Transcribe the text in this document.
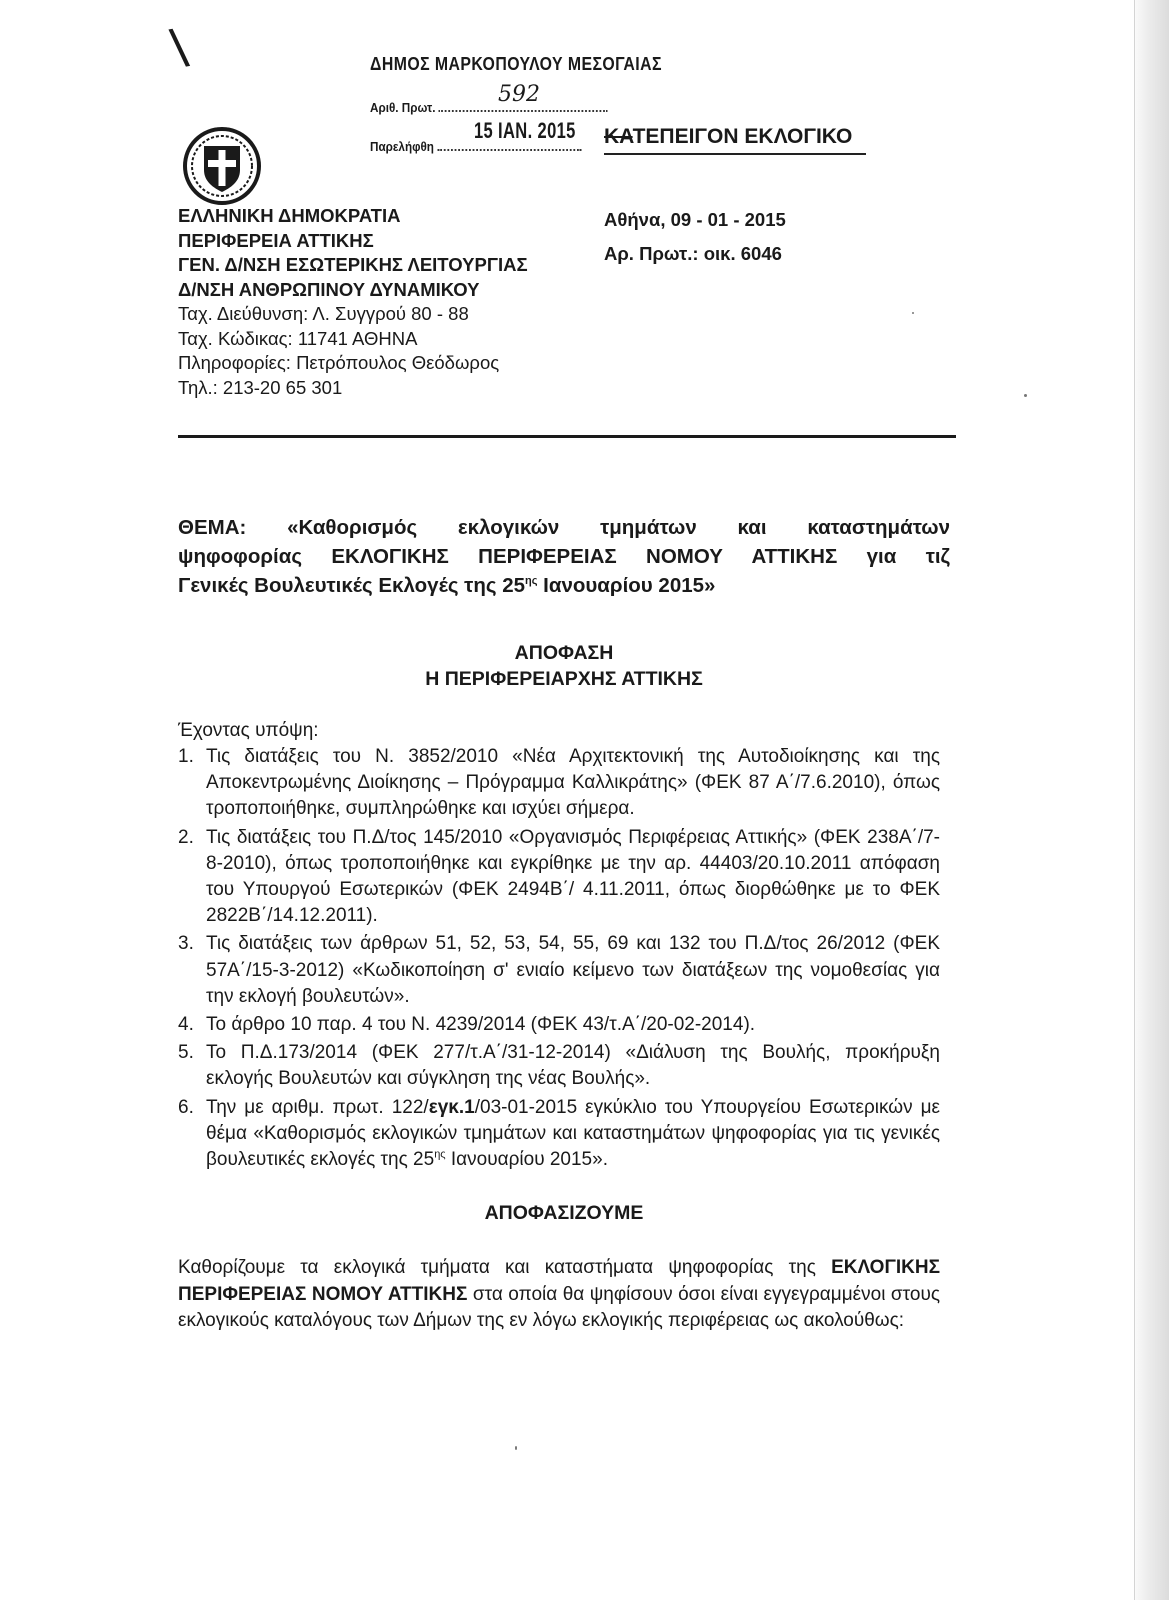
\	ΔΗΜΟΣ ΜΑΡΚΟΠΟΥΛΟΥ ΜΕΣΟΓΑΙΑΣ
Αριθ. Πρωτ.
592
Παρελήφθη
15 ΙΑΝ. 2015 ΚΑΤΕΠΕΙΓΟΝ ΕΚΛΟΓΙΚΟ
ΕΛΛΗΝΙΚΗ ΔΗΜΟΚΡΑΤΙΑ
ΠΕΡΙΦΕΡΕΙΑ ΑΤΤΙΚΗΣ
ΓΕΝ. Δ/ΝΣΗ ΕΣΩΤΕΡΙΚΗΣ ΛΕΙΤΟΥΡΓΙΑΣ
Δ/ΝΣΗ ΑΝΘΡΩΠΙΝΟΥ ΔΥΝΑΜΙΚΟΥ
Ταχ. Διεύθυνση: Λ. Συγγρού 80 - 88
Ταχ. Κώδικας: 11741 ΑΘΗΝΑ
Πληροφορίες: Πετρόπουλος Θεόδωρος
Τηλ.: 213-20 65 301
Αθήνα, 09 - 01 - 2015
Αρ. Πρωτ.: οικ. 6046
ΘΕΜΑ: «Καθορισμός εκλογικών τμημάτων και καταστημάτων
ψηφοφορίας ΕΚΛΟΓΙΚΗΣ ΠΕΡΙΦΕΡΕΙΑΣ ΝΟΜΟΥ ΑΤΤΙΚΗΣ για τιζ
Γενικές Βουλευτικές Εκλογές της $25^{\eta\varsigma}$ Ιανουαρίου 2015»
ΑΠΟΦΑΣΗ
Η ΠΕΡΙΦΕΡΕΙΑΡΧΗΣ ΑΤΤΙΚΗΣ
Έχοντας υπόψη:
1. Τις διατάξεις του Ν. 3852/2010 «Νέα Αρχιτεκτονική της Αυτοδιοίκησης και της Αποκεντρωμένης Διοίκησης – Πρόγραμμα Καλλικράτης» (ΦΕΚ 87 Α΄/7.6.2010), όπως τροποποιήθηκε, συμπληρώθηκε και ισχύει σήμερα.
2. Τις διατάξεις του Π.Δ/τος 145/2010 «Οργανισμός Περιφέρειας Αττικής» (ΦΕΚ 238Α΄/7-8-2010), όπως τροποποιήθηκε και εγκρίθηκε με την αρ. 44403/20.10.2011 απόφαση του Υπουργού Εσωτερικών (ΦΕΚ 2494Β΄/ 4.11.2011, όπως διορθώθηκε με το ΦΕΚ 2822Β΄/14.12.2011).
3. Τις διατάξεις των άρθρων 51, 52, 53, 54, 55, 69 και 132 του Π.Δ/τος 26/2012 (ΦΕΚ 57Α΄/15-3-2012) «Κωδικοποίηση σ' ενιαίο κείμενο των διατάξεων της νομοθεσίας για την εκλογή βουλευτών».
4. Το άρθρο 10 παρ. 4 του Ν. 4239/2014 (ΦΕΚ 43/τ.Α΄/20-02-2014).
5. Το Π.Δ.173/2014 (ΦΕΚ 277/τ.Α΄/31-12-2014) «Διάλυση της Βουλής, προκήρυξη εκλογής Βουλευτών και σύγκληση της νέας Βουλής».
6. Την με αριθμ. πρωτ. 122/εγκ.1/03-01-2015 εγκύκλιο του Υπουργείου Εσωτερικών με θέμα «Καθορισμός εκλογικών τμημάτων και καταστημάτων ψηφοφορίας για τις γενικές βουλευτικές εκλογές της $25^{\eta\varsigma}$ Ιανουαρίου 2015».
ΑΠΟΦΑΣΙΖΟΥΜΕ
Καθορίζουμε τα εκλογικά τμήματα και καταστήματα ψηφοφορίας της ΕΚΛΟΓΙΚΗΣ ΠΕΡΙΦΕΡΕΙΑΣ ΝΟΜΟΥ ΑΤΤΙΚΗΣ στα οποία θα ψηφίσουν όσοι είναι εγγεγραμμένοι στους εκλογικούς καταλόγους των Δήμων της εν λόγω εκλογικής περιφέρειας ως ακολούθως:
